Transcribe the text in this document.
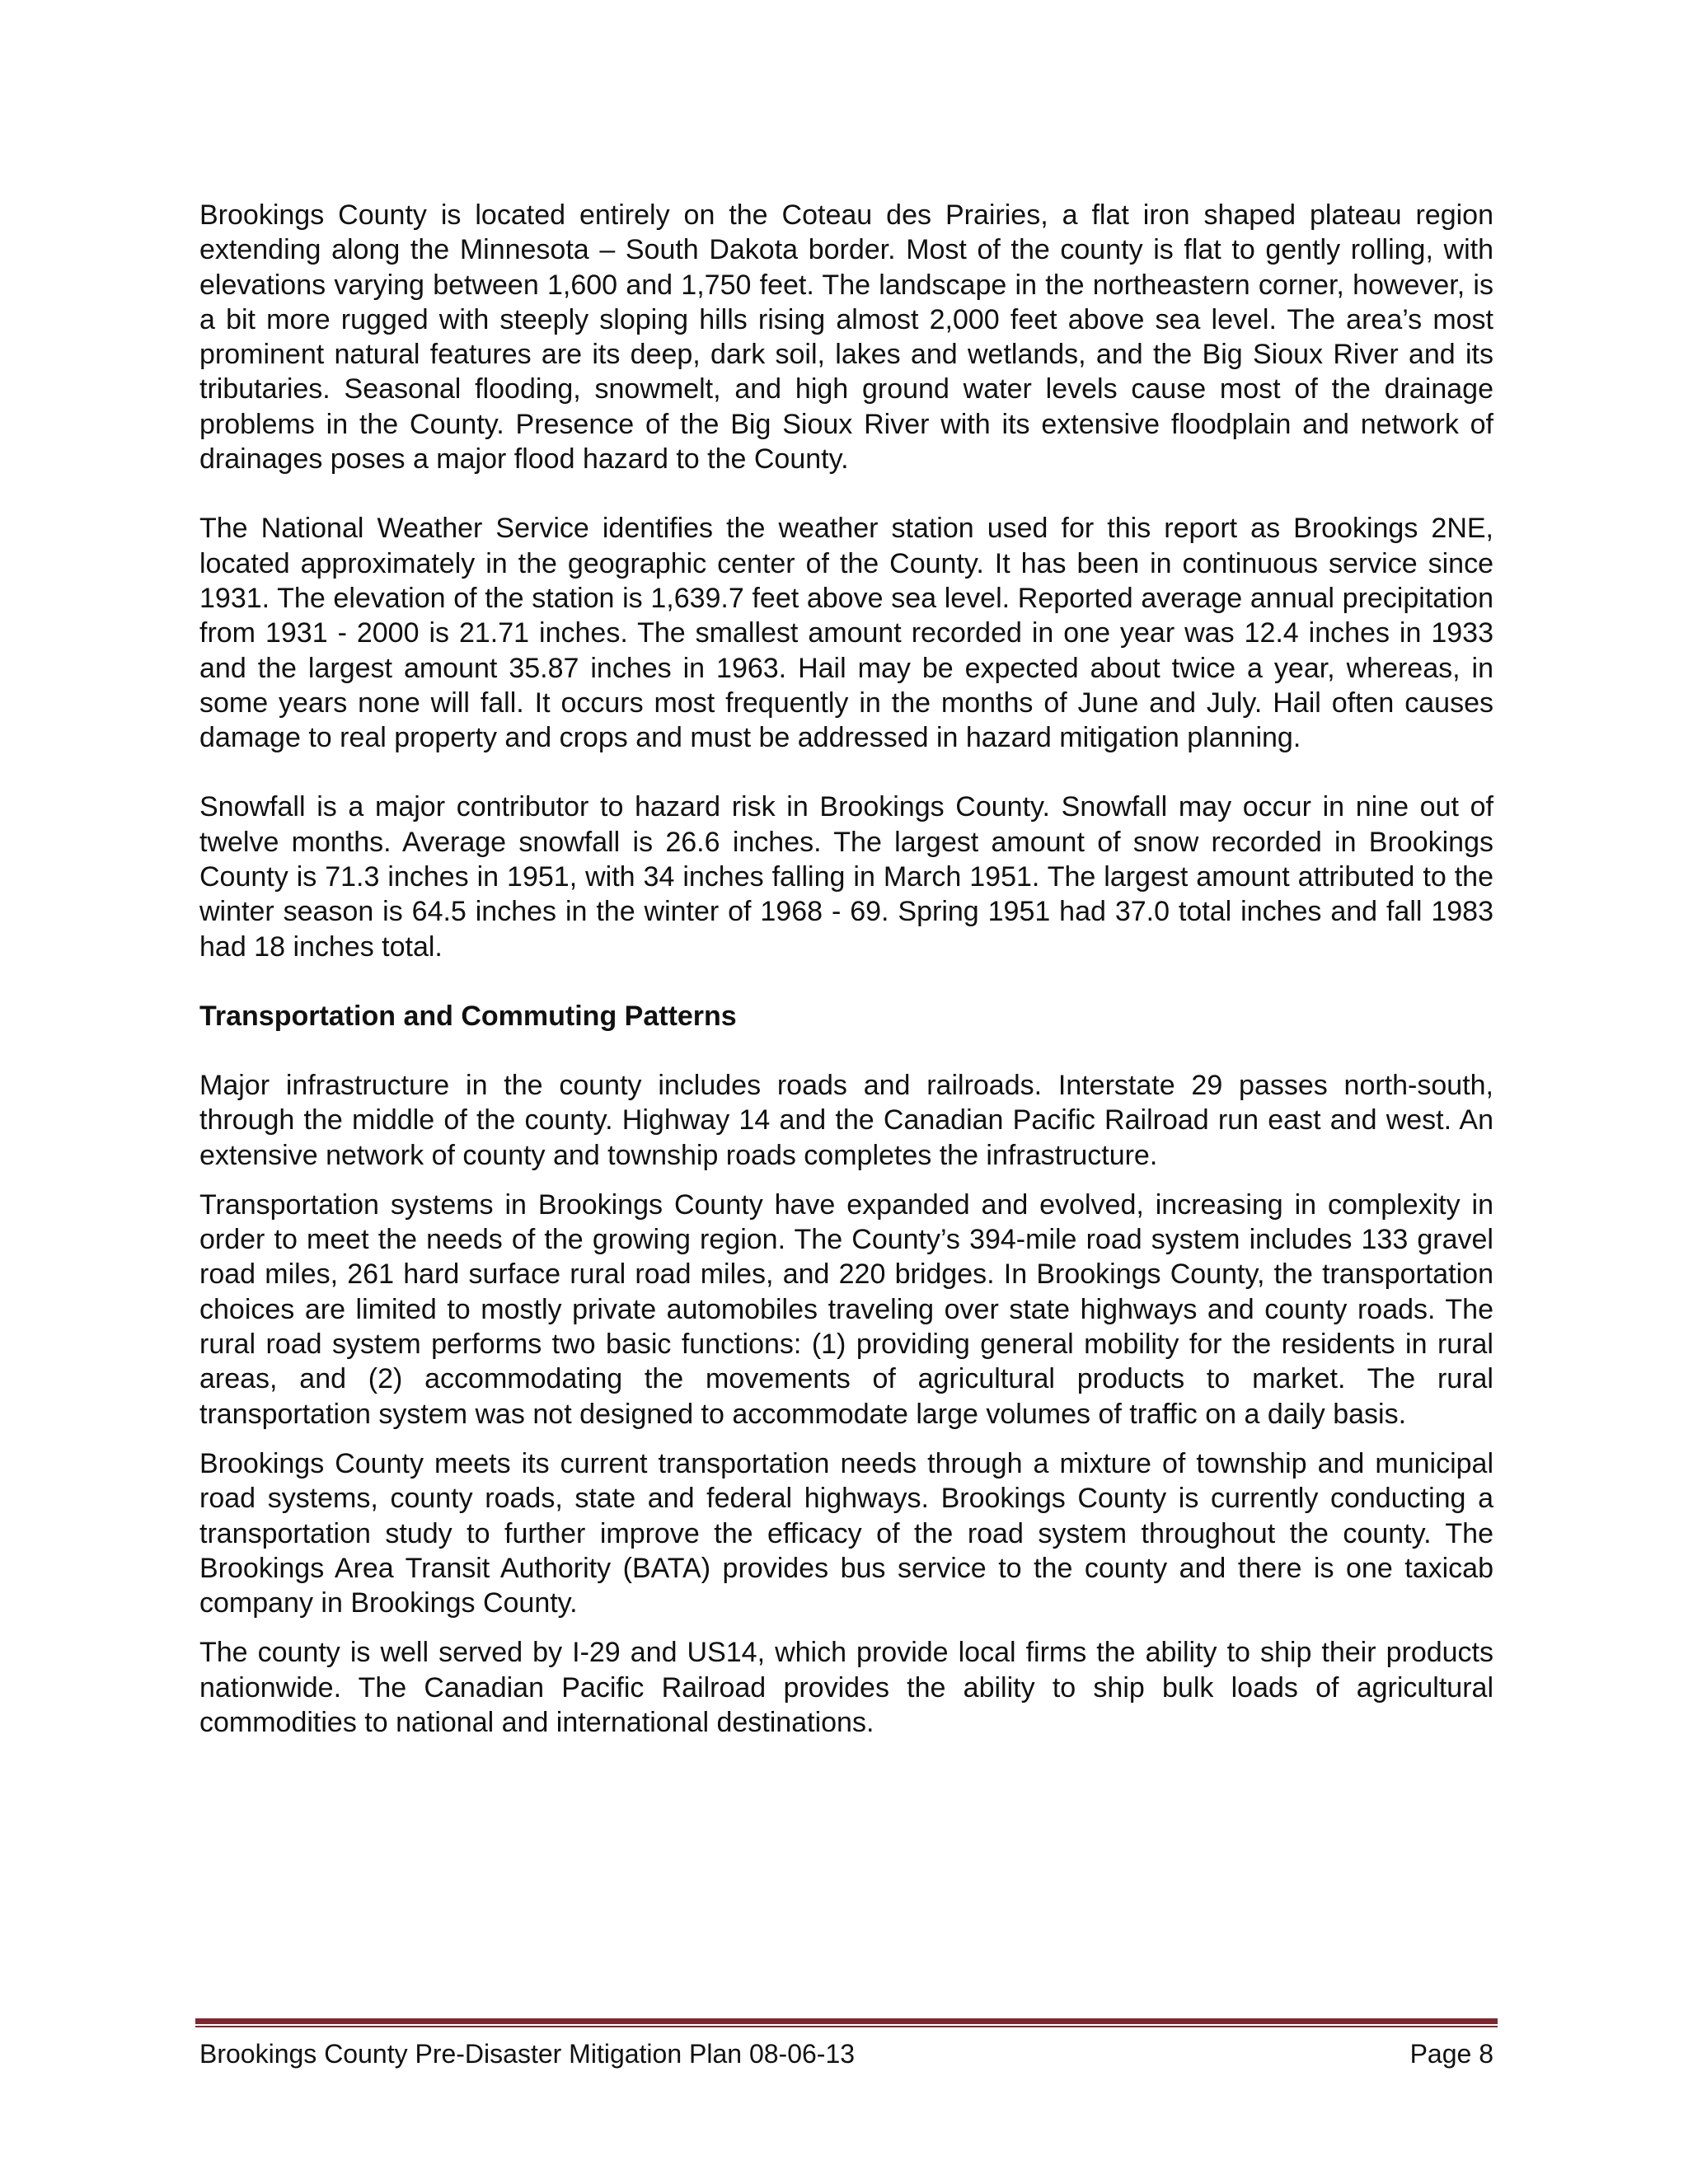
Brookings County is located entirely on the Coteau des Prairies, a flat iron shaped plateau region extending along the Minnesota – South Dakota border. Most of the county is flat to gently rolling, with elevations varying between 1,600 and 1,750 feet. The landscape in the northeastern corner, however, is a bit more rugged with steeply sloping hills rising almost 2,000 feet above sea level. The area’s most prominent natural features are its deep, dark soil, lakes and wetlands, and the Big Sioux River and its tributaries. Seasonal flooding, snowmelt, and high ground water levels cause most of the drainage problems in the County. Presence of the Big Sioux River with its extensive floodplain and network of drainages poses a major flood hazard to the County.

The National Weather Service identifies the weather station used for this report as Brookings 2NE, located approximately in the geographic center of the County. It has been in continuous service since 1931. The elevation of the station is 1,639.7 feet above sea level. Reported average annual precipitation from 1931 - 2000 is 21.71 inches. The smallest amount recorded in one year was 12.4 inches in 1933 and the largest amount 35.87 inches in 1963. Hail may be expected about twice a year, whereas, in some years none will fall. It occurs most frequently in the months of June and July. Hail often causes damage to real property and crops and must be addressed in hazard mitigation planning.

Snowfall is a major contributor to hazard risk in Brookings County. Snowfall may occur in nine out of twelve months. Average snowfall is 26.6 inches. The largest amount of snow recorded in Brookings County is 71.3 inches in 1951, with 34 inches falling in March 1951. The largest amount attributed to the winter season is 64.5 inches in the winter of 1968 - 69. Spring 1951 had 37.0 total inches and fall 1983 had 18 inches total.

Transportation and Commuting Patterns

Major infrastructure in the county includes roads and railroads. Interstate 29 passes north-south, through the middle of the county. Highway 14 and the Canadian Pacific Railroad run east and west. An extensive network of county and township roads completes the infrastructure.

Transportation systems in Brookings County have expanded and evolved, increasing in complexity in order to meet the needs of the growing region. The County’s 394-mile road system includes 133 gravel road miles, 261 hard surface rural road miles, and 220 bridges. In Brookings County, the transportation choices are limited to mostly private automobiles traveling over state highways and county roads. The rural road system performs two basic functions: (1) providing general mobility for the residents in rural areas, and (2) accommodating the movements of agricultural products to market. The rural transportation system was not designed to accommodate large volumes of traffic on a daily basis.

Brookings County meets its current transportation needs through a mixture of township and municipal road systems, county roads, state and federal highways. Brookings County is currently conducting a transportation study to further improve the efficacy of the road system throughout the county. The Brookings Area Transit Authority (BATA) provides bus service to the county and there is one taxicab company in Brookings County.

The county is well served by I-29 and US14, which provide local firms the ability to ship their products nationwide. The Canadian Pacific Railroad provides the ability to ship bulk loads of agricultural commodities to national and international destinations.

Brookings County Pre-Disaster Mitigation Plan 08-06-13	Page 8
